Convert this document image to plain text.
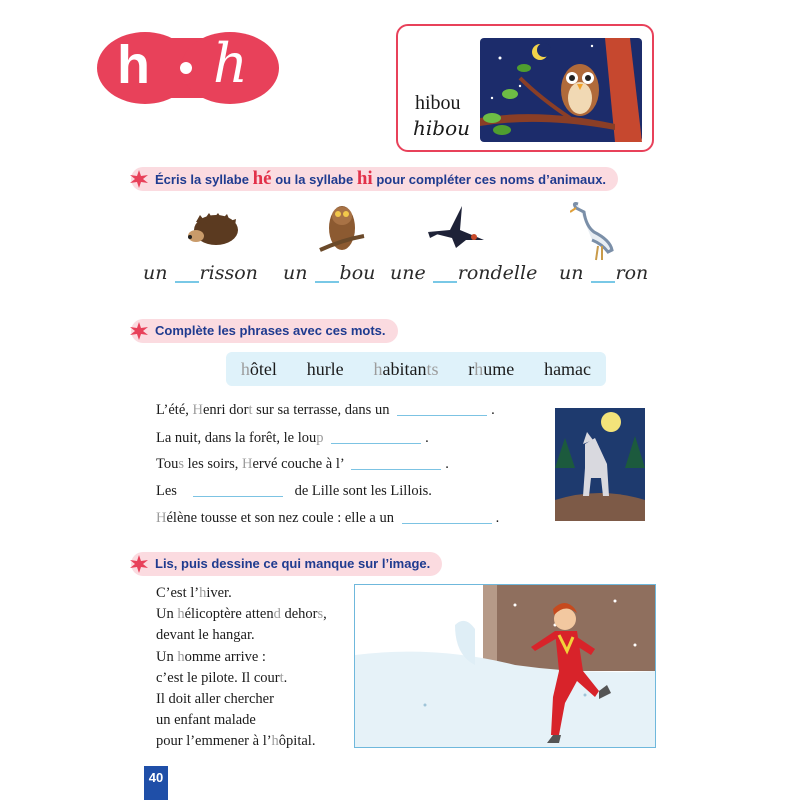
h h
hibou
hibou
Écris la syllabe hé ou la syllabe hi pour compléter ces noms d’animaux.
un risson un bou une rondelle un ron
Complète les phrases avec ces mots.
hôtel hurle habitants rhume hamac
L’été, Henri dort sur sa terrasse, dans un	.
La nuit, dans la forêt, le loup	.
Tous les soirs, Hervé couche à l’	.
Les	de Lille sont les Lillois.
Hélène tousse et son nez coule : elle a un	.
Lis, puis dessine ce qui manque sur l’image.
C’est l’hiver.
Un hélicoptère attend dehors,
devant le hangar.
Un homme arrive :
c’est le pilote. Il court.
Il doit aller chercher
un enfant malade
pour l’emmener à l’hôpital.
40
